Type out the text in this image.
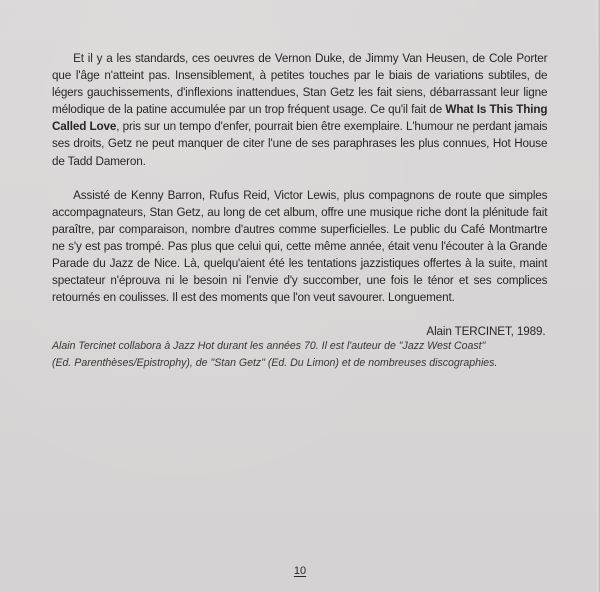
Et il y a les standards, ces oeuvres de Vernon Duke, de Jimmy Van Heusen, de Cole Porter que l'âge n'atteint pas. Insensiblement, à petites touches par le biais de variations subtiles, de légers gauchissements, d'inflexions inattendues, Stan Getz les fait siens, débarrassant leur ligne mélodique de la patine accumulée par un trop fréquent usage. Ce qu'il fait de What Is This Thing Called Love, pris sur un tempo d'enfer, pourrait bien être exemplaire. L'humour ne perdant jamais ses droits, Getz ne peut manquer de citer l'une de ses paraphrases les plus connues, Hot House de Tadd Dameron.

Assisté de Kenny Barron, Rufus Reid, Victor Lewis, plus compagnons de route que simples accompagnateurs, Stan Getz, au long de cet album, offre une musique riche dont la plénitude fait paraître, par comparaison, nombre d'autres comme superficielles. Le public du Café Montmartre ne s'y est pas trompé. Pas plus que celui qui, cette même année, était venu l'écouter à la Grande Parade du Jazz de Nice. Là, quelqu'aient été les tentations jazzistiques offertes à la suite, maint spectateur n'éprouva ni le besoin ni l'envie d'y succomber, une fois le ténor et ses complices retournés en coulisses. Il est des moments que l'on veut savourer. Longuement.

Alain TERCINET, 1989.

Alain Tercinet collabora à Jazz Hot durant les années 70. Il est l'auteur de "Jazz West Coast"

(Ed. Parenthèses/Epistrophy), de "Stan Getz" (Ed. Du Limon) et de nombreuses discographies.

10
